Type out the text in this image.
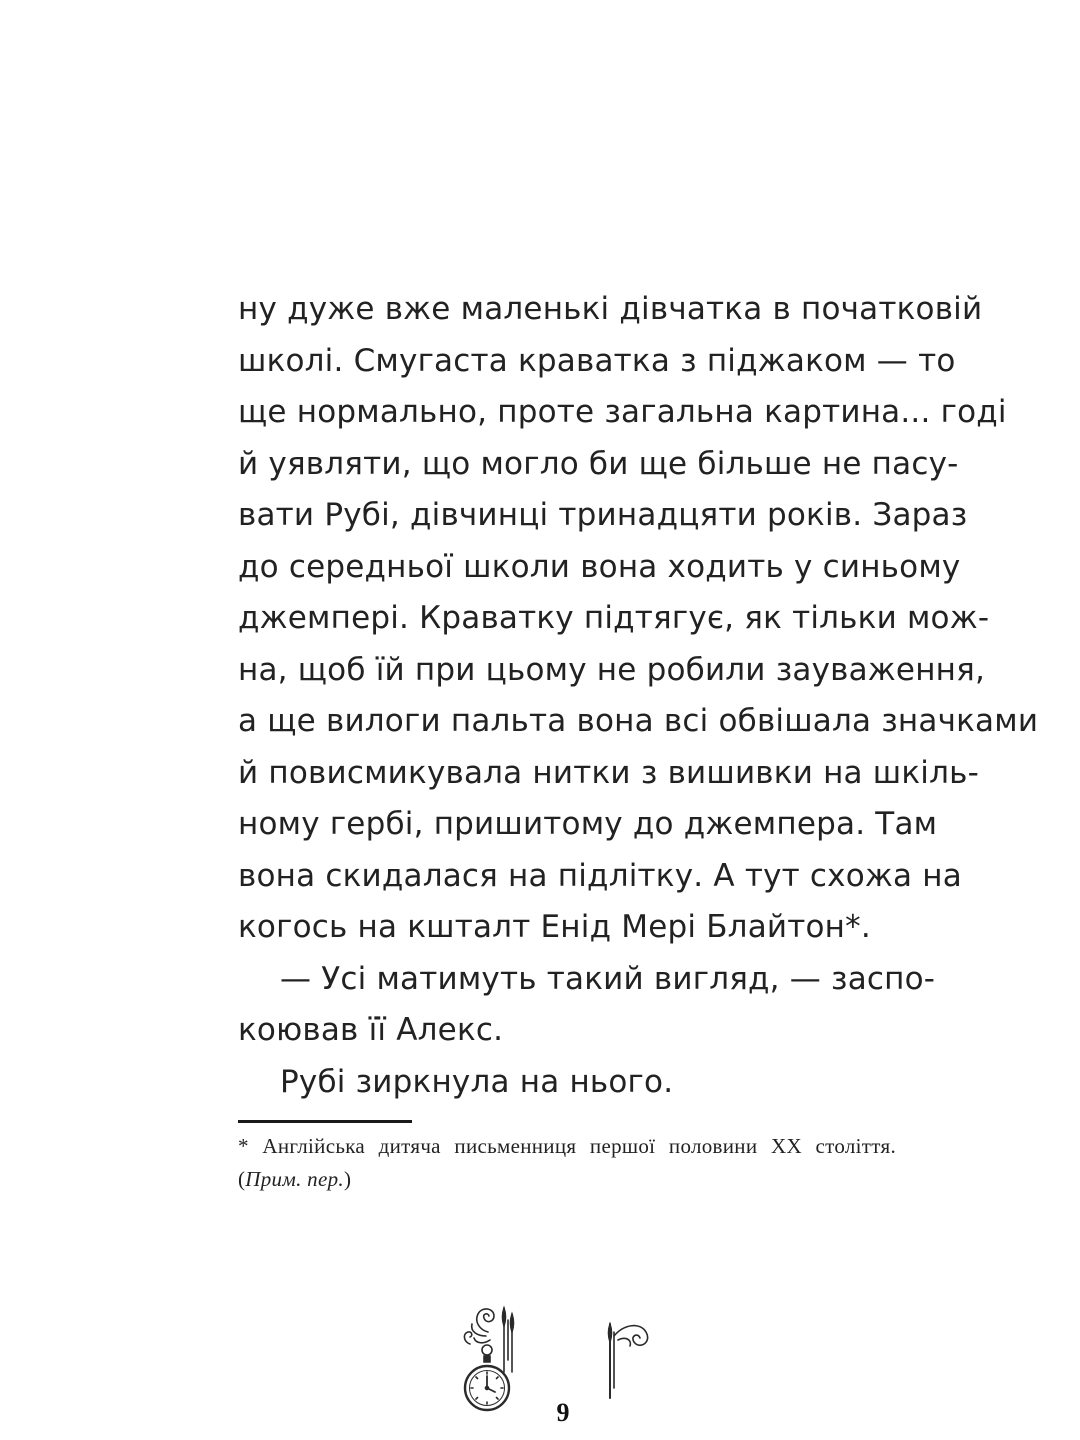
ну дуже вже маленькі дівчатка в початковій
школі. Смугаста краватка з піджаком — то
ще нормально, проте загальна картина... годі
й уявляти, що могло би ще більше не пасу-
вати Рубі, дівчинці тринадцяти років. Зараз
до середньої школи вона ходить у синьому
джемпері. Краватку підтягує, як тільки мож-
на, щоб їй при цьому не робили зауваження,
а ще вилоги пальта вона всі обвішала значками
й повисмикувала нитки з вишивки на шкіль-
ному гербі, пришитому до джемпера. Там
вона скидалася на підлітку. А тут схожа на
когось на кшталт Енід Мері Блайтон*.
— Усі матимуть такий вигляд, — заспо-
коював її Алекс.
Рубі зиркнула на нього.
* Англійська дитяча письменниця першої половини XX століття.
(Прим. пер.)
9
